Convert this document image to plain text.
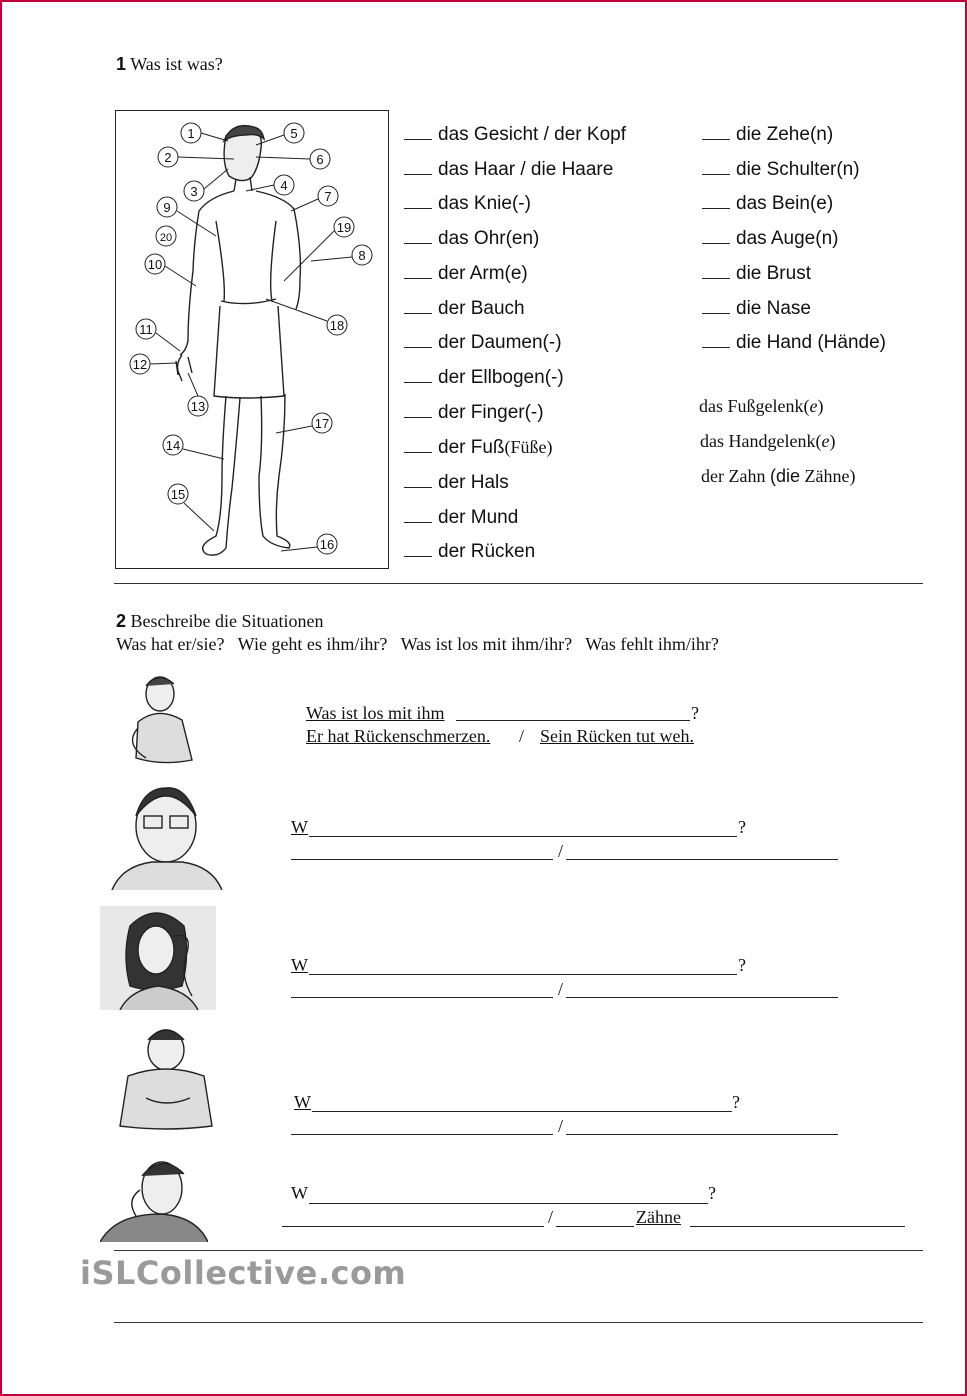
1 Was ist was?
1
2
3	4
5
6
7
8
9
10
11
12
13
14
15
16
17
18
19
20
das Gesicht / der Kopf
das Haar / die Haare
das Knie(-)
das Ohr(en)
der Arm(e)
der Bauch
der Daumen(-)
der Ellbogen(-)
der Finger(-)
der Fuß(Füße)
der Hals
der Mund
der Rücken
die Zehe(n)
die Schulter(n)
das Bein(e)
das Auge(n)
die Brust
die Nase
die Hand (Hände)
das Fußgelenk(e)
das Handgelenk(e)
der Zahn (die Zähne)
2 Beschreibe die Situationen
Was hat er/sie?   Wie geht es ihm/ihr?   Was ist los mit ihm/ihr?   Was fehlt ihm/ihr?
Was ist los mit ihm	?
Er hat Rückenschmerzen. / Sein Rücken tut weh.
W	?
/
W	?
/
W	?
/
W	?
/	Zähne
iSLCollective.com
